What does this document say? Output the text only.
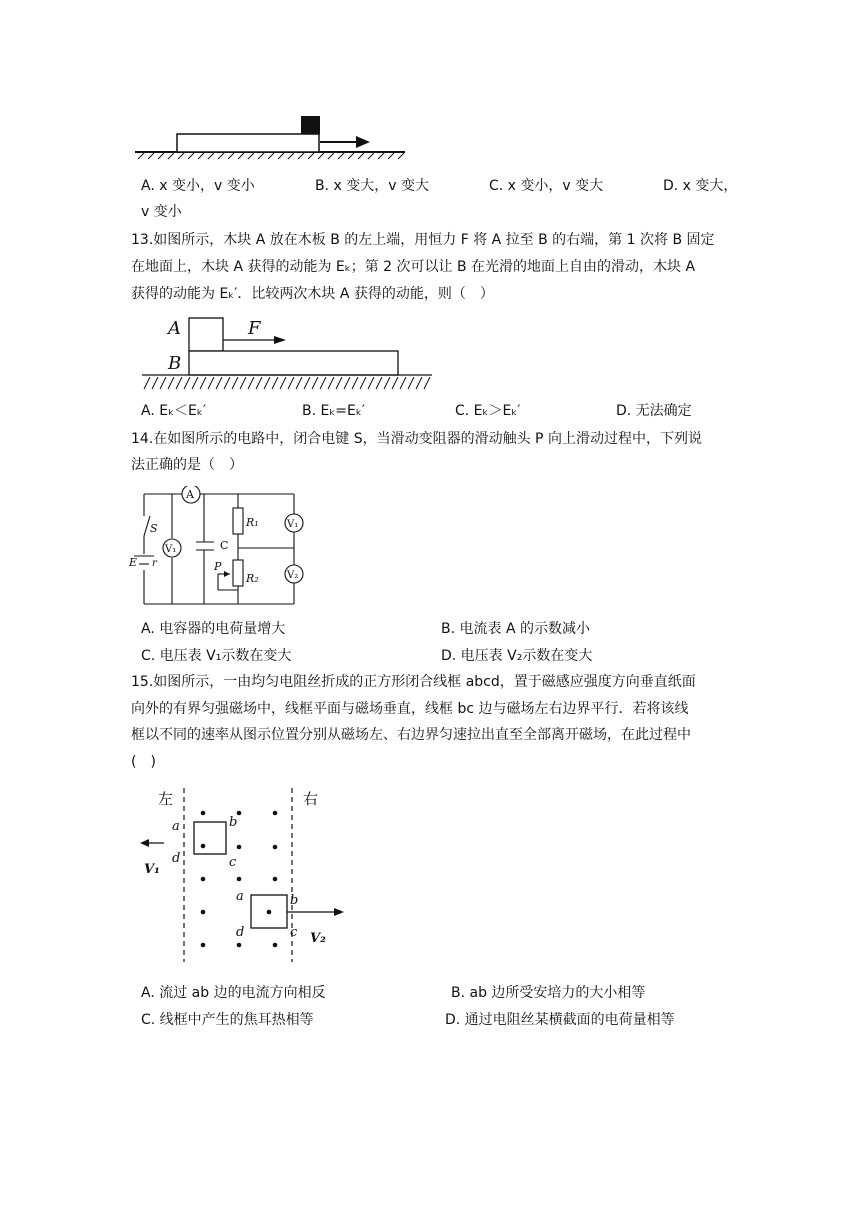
A. x 变小，v 变小	B. x 变大，v 变大	C. x 变小，v 变大	D. x 变大，
v 变小
13.如图所示，木块 A 放在木板 B 的左上端，用恒力 F 将 A 拉至 B 的右端，第 1 次将 B 固定
在地面上，木块 A 获得的动能为 Eₖ；第 2 次可以让 B 在光滑的地面上自由的滑动，木块 A
获得的动能为 Eₖ′．比较两次木块 A 获得的动能，则（　）
A
B
F
A. Eₖ＜Eₖ′	B. Eₖ=Eₖ′	C. Eₖ＞Eₖ′	D. 无法确定
14.在如图所示的电路中，闭合电键 S，当滑动变阻器的滑动触头 P 向上滑动过程中，下列说
法正确的是（　）
A
S
E r
V₁	C
R₁
R₂
P
V₁
V₂
A. 电容器的电荷量增大	B. 电流表 A 的示数减小
C. 电压表 V₁示数在变大	D. 电压表 V₂示数在变大
15.如图所示，一由均匀电阻丝折成的正方形闭合线框 abcd，置于磁感应强度方向垂直纸面
向外的有界匀强磁场中，线框平面与磁场垂直，线框 bc 边与磁场左右边界平行．若将该线
框以不同的速率从图示位置分别从磁场左、右边界匀速拉出直至全部离开磁场，在此过程中
(　)
左	右
a	b
d	c
V₁
a	b
d	c V₂
A. 流过 ab 边的电流方向相反	B. ab 边所受安培力的大小相等
C. 线框中产生的焦耳热相等	D. 通过电阻丝某横截面的电荷量相等
